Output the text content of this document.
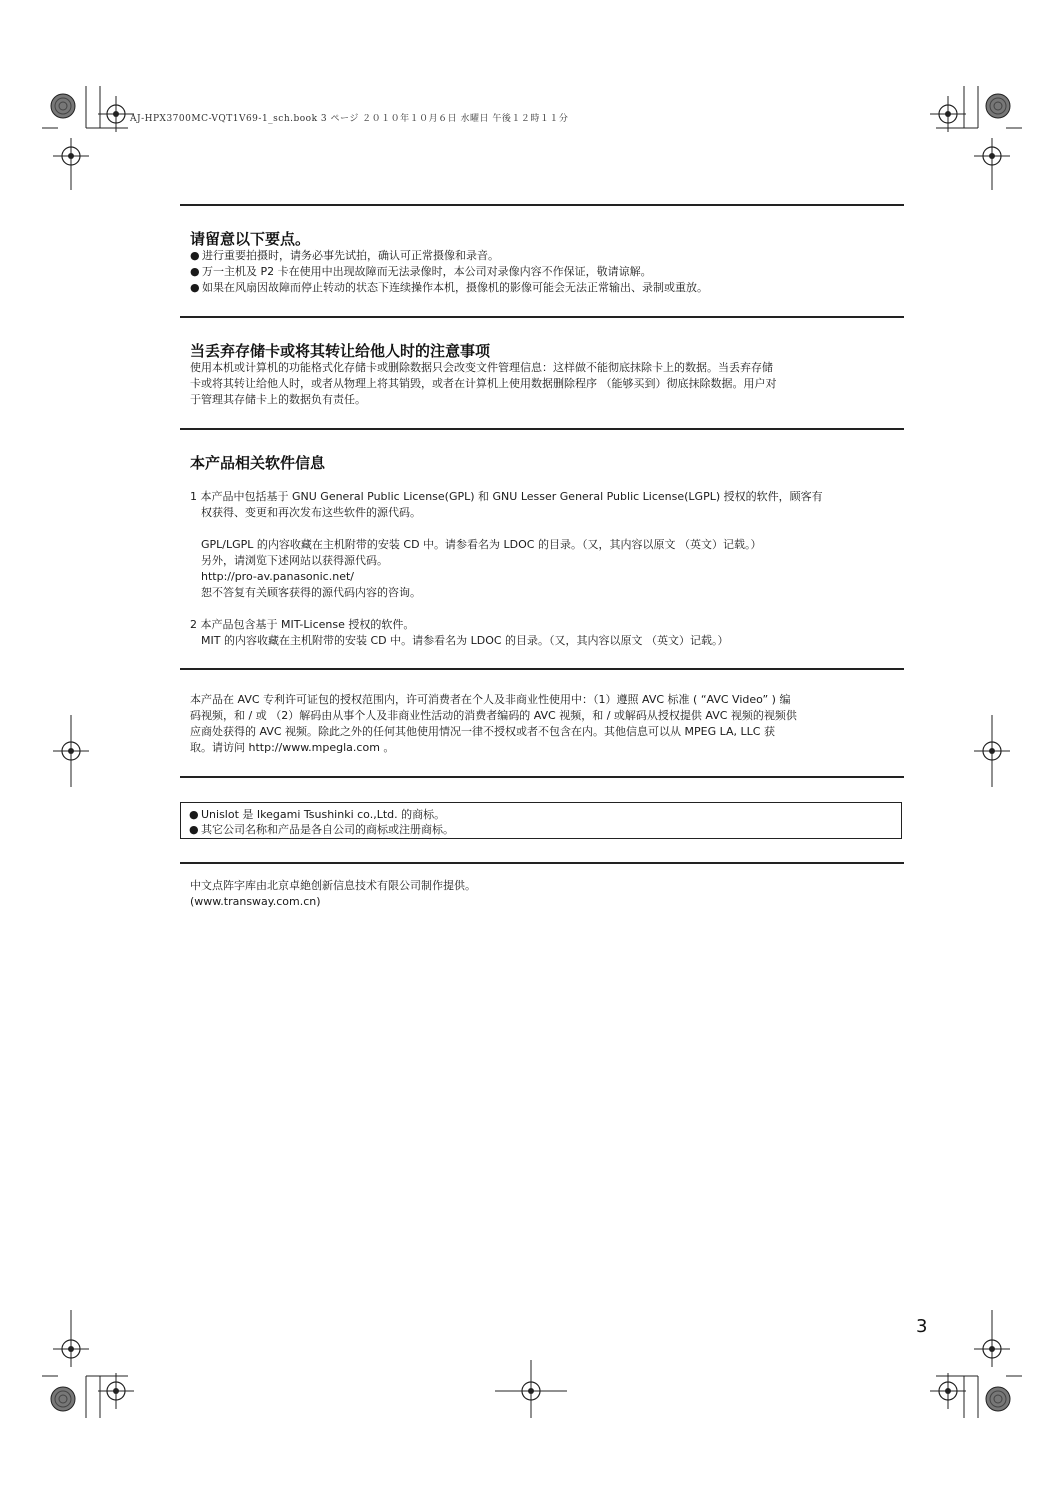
AJ-HPX3700MC-VQT1V69-1_sch.book 3 ページ ２０１０年１０月６日 水曜日 午後１２時１１分
请留意以下要点。
● 进行重要拍摄时，请务必事先试拍，确认可正常摄像和录音。
● 万一主机及 P2 卡在使用中出现故障而无法录像时，本公司对录像内容不作保证，敬请谅解。
● 如果在风扇因故障而停止转动的状态下连续操作本机，摄像机的影像可能会无法正常输出、录制或重放。
当丢弃存储卡或将其转让给他人时的注意事项
使用本机或计算机的功能格式化存储卡或删除数据只会改变文件管理信息：这样做不能彻底抹除卡上的数据。当丢弃存储
卡或将其转让给他人时，或者从物理上将其销毁，或者在计算机上使用数据删除程序 （能够买到）彻底抹除数据。用户对
于管理其存储卡上的数据负有责任。
本产品相关软件信息
1 本产品中包括基于 GNU General Public License(GPL) 和 GNU Lesser General Public License(LGPL) 授权的软件，顾客有
权获得、变更和再次发布这些软件的源代码。
GPL/LGPL 的内容收藏在主机附带的安装 CD 中。请参看名为 LDOC 的目录。（又，其内容以原文 （英文）记载。）
另外，请浏览下述网站以获得源代码。
http://pro-av.panasonic.net/
恕不答复有关顾客获得的源代码内容的咨询。
2 本产品包含基于 MIT-License 授权的软件。
MIT 的内容收藏在主机附带的安装 CD 中。请参看名为 LDOC 的目录。（又，其内容以原文 （英文）记载。）
本产品在 AVC 专利许可证包的授权范围内，许可消费者在个人及非商业性使用中：（1）遵照 AVC 标准 ( “AVC Video” ) 编
码视频，和 / 或 （2）解码由从事个人及非商业性活动的消费者编码的 AVC 视频，和 / 或解码从授权提供 AVC 视频的视频供
应商处获得的 AVC 视频。除此之外的任何其他使用情况一律不授权或者不包含在内。其他信息可以从 MPEG LA, LLC 获
取。请访问 http://www.mpegla.com 。
● Unislot 是 Ikegami Tsushinki co.,Ltd. 的商标。
● 其它公司名称和产品是各自公司的商标或注册商标。
中文点阵字库由北京卓絶创新信息技术有限公司制作提供。
(www.transway.com.cn)
3
